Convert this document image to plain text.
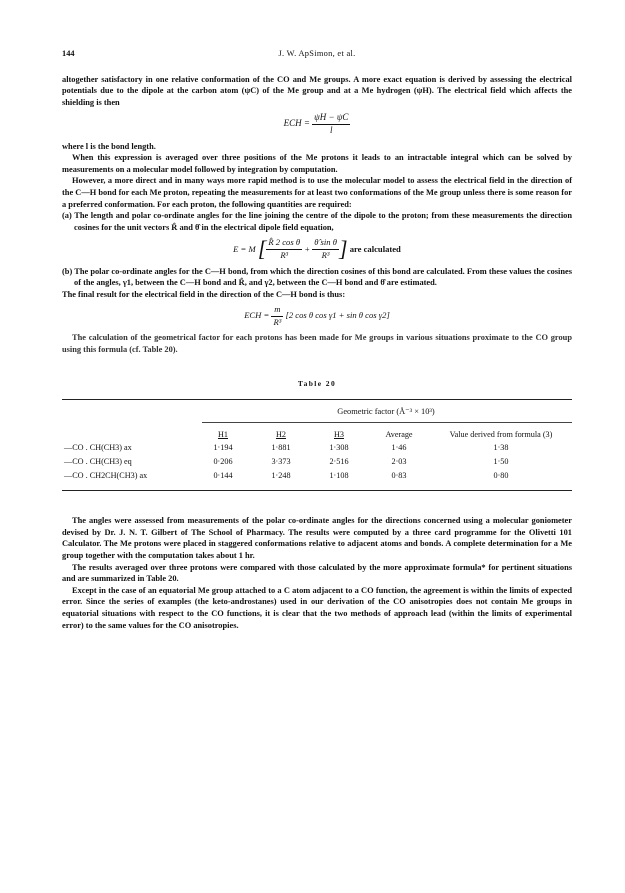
144	J. W. ApSimon, et al.

altogether satisfactory in one relative conformation of the CO and Me groups. A more exact equation is derived by assessing the electrical potentials due to the dipole at the carbon atom (ψC) of the Me group and at a Me hydrogen (ψH). The electrical field which affects the shielding is then

ECH = $\frac{\psi H - \psi C}{l}$

where l is the bond length.

When this expression is averaged over three positions of the Me protons it leads to an intractable integral which can be solved by measurements on a molecular model followed by integration by computation.

However, a more direct and in many ways more rapid method is to use the molecular model to assess the electrical field in the direction of the C—H bond for each Me proton, repeating the measurements for at least two conformations of the Me group unless there is some reason for a preferred conformation. For each proton, the following quantities are required:

(a) The length and polar co-ordinate angles for the line joining the centre of the dipole to the proton; from these measurements the direction cosines for the unit vectors R̂ and θ̂ in the electrical dipole field equation,

E = M
[ $\frac{\text{R̂ 2 cos θ}}{\text{R³}}$
+
$\frac{\text{θ̂ sin θ}}{\text{R³}}$ ]
are calculated

(b) The polar co-ordinate angles for the C—H bond, from which the direction cosines of this bond are calculated. From these values the cosines of the angles, γ1, between the C—H bond and R̂, and γ2, between the C—H bond and θ̂ are estimated.

The final result for the electrical field in the direction of the C—H bond is thus:

ECH = $\frac{m}{\text{R³}} [2$ cos θ cos γ1 + sin θ cos γ2]

The calculation of the geometrical factor for each protons has been made for Me groups in various situations proximate to the CO group using this formula (cf. Table 20).

Table 20
Geometric factor (Å⁻³ × 10³)
	H1	H2	H3	Average	Value derived from formula (3)
—CO . CH(CH3) ax	1·194	1·881	1·308	1·46	1·38
—CO . CH(CH3) eq	0·206	3·373	2·516	2·03	1·50
—CO . CH2CH(CH3) ax	0·144	1·248	1·108	0·83	0·80

The angles were assessed from measurements of the polar co-ordinate angles for the directions concerned using a molecular goniometer devised by Dr. J. N. T. Gilbert of The School of Pharmacy. The results were computed by a three card programme for the Olivetti 101 Calculator. The Me protons were placed in staggered conformations relative to adjacent atoms and bonds. A complete determination for a Me group together with the computation takes about 1 hr.

The results averaged over three protons were compared with those calculated by the more approximate formula* for pertinent situations and are summarized in Table 20.

Except in the case of an equatorial Me group attached to a C atom adjacent to a CO function, the agreement is within the limits of expected error. Since the series of examples (the keto-androstanes) used in our derivation of the CO anisotropies does not contain Me groups in equatorial situations with respect to the CO functions, it is clear that the two methods of approach lead (within the limits of experimental error) to the same values for the CO anisotropies.
